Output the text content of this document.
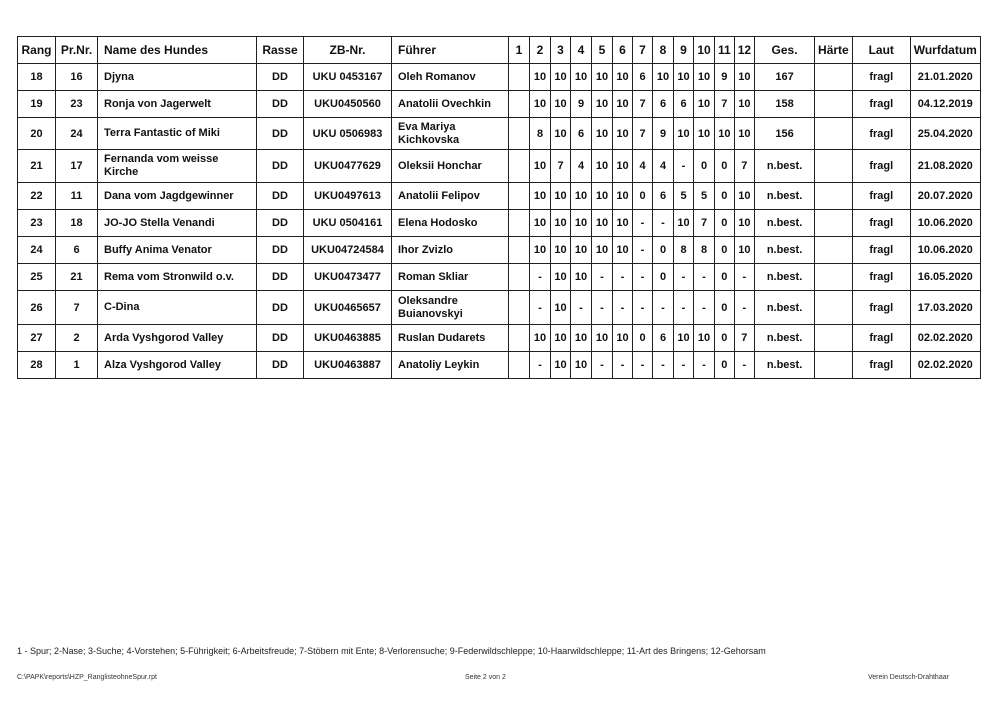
Rang	Pr.Nr.	Name des Hundes	Rasse	ZB-Nr.	Führer	1	2	3	4	5	6	7	8	9	10	11	12	Ges.	Härte	Laut	Wurfdatum
18	16	Djyna	DD	UKU 0453167	Oleh Romanov		10	10	10	10	10	6	10	10	10	9	10	167		fragl	21.01.2020
19	23	Ronja von Jagerwelt	DD	UKU0450560	Anatolii Ovechkin		10	10	9	10	10	7	6	6	10	7	10	158		fragl	04.12.2019
20	24	Terra Fantastic of Miki	DD	UKU 0506983	Eva Mariya Kichkovska		8	10	6	10	10	7	9	10	10	10	10	156		fragl	25.04.2020
21	17	Fernanda vom weisse Kirche	DD	UKU0477629	Oleksii Honchar		10	7	4	10	10	4	4	-	0	0	7	n.best.		fragl	21.08.2020
22	11	Dana vom Jagdgewinner	DD	UKU0497613	Anatolii Felipov		10	10	10	10	10	0	6	5	5	0	10	n.best.		fragl	20.07.2020
23	18	JO-JO Stella Venandi	DD	UKU 0504161	Elena Hodosko		10	10	10	10	10	-	-	10	7	0	10	n.best.		fragl	10.06.2020
24	6	Buffy Anima Venator	DD	UKU04724584	Ihor Zvizlo		10	10	10	10	10	-	0	8	8	0	10	n.best.		fragl	10.06.2020
25	21	Rema vom Stronwild o.v.	DD	UKU0473477	Roman Skliar		-	10	10	-	-	-	0	-	-	0	-	n.best.		fragl	16.05.2020
26	7	C-Dina	DD	UKU0465657	Oleksandre Buianovskyi		-	10	-	-	-	-	-	-	-	0	-	n.best.		fragl	17.03.2020
27	2	Arda Vyshgorod Valley	DD	UKU0463885	Ruslan Dudarets		10	10	10	10	10	0	6	10	10	0	7	n.best.		fragl	02.02.2020
28	1	Alza Vyshgorod Valley	DD	UKU0463887	Anatoliy Leykin		-	10	10	-	-	-	-	-	-	0	-	n.best.		fragl	02.02.2020
1 - Spur; 2-Nase; 3-Suche; 4-Vorstehen; 5-Führigkeit; 6-Arbeitsfreude; 7-Stöbern mit Ente; 8-Verlorensuche; 9-Federwildschleppe; 10-Haarwildschleppe; 11-Art des Bringens; 12-Gehorsam
C:\PAPK\reports\HZP_RanglisteohneSpur.rpt	Seite 2 von 2	Verein Deutsch-Drahthaar
